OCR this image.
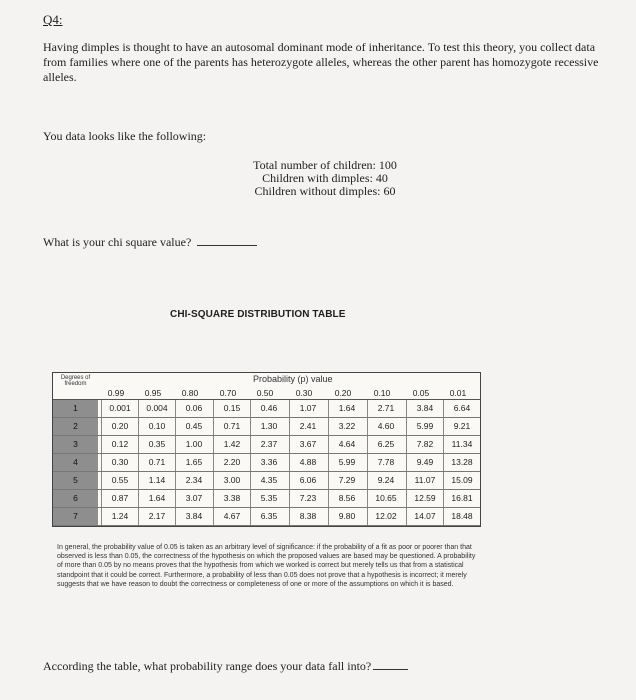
Q4:
Having dimples is thought to have an autosomal dominant mode of inheritance. To test this theory, you collect data from families where one of the parents has heterozygote alleles, whereas the other parent has homozygote recessive alleles.
You data looks like the following:
Total number of children: 100
Children with dimples: 40
Children without dimples: 60
What is your chi square value?
CHI-SQUARE DISTRIBUTION TABLE
Degrees of freedom	Probability (p) value
0.99	0.95	0.80	0.70	0.50	0.30	0.20	0.10	0.05	0.01
1	0.001	0.004	0.06	0.15	0.46	1.07	1.64	2.71	3.84	6.64
2	0.20	0.10	0.45	0.71	1.30	2.41	3.22	4.60	5.99	9.21
3	0.12	0.35	1.00	1.42	2.37	3.67	4.64	6.25	7.82	11.34
4	0.30	0.71	1.65	2.20	3.36	4.88	5.99	7.78	9.49	13.28
5	0.55	1.14	2.34	3.00	4.35	6.06	7.29	9.24	11.07	15.09
6	0.87	1.64	3.07	3.38	5.35	7.23	8.56	10.65	12.59	16.81
7	1.24	2.17	3.84	4.67	6.35	8.38	9.80	12.02	14.07	18.48
In general, the probability value of 0.05 is taken as an arbitrary level of significance: if the probability of a fit as poor or poorer than that observed is less than 0.05, the correctness of the hypothesis on which the proposed values are based may be questioned. A probability of more than 0.05 by no means proves that the hypothesis from which we worked is correct but merely tells us that from a statistical standpoint that it could be correct. Furthermore, a probability of less than 0.05 does not prove that a hypothesis is incorrect; it merely suggests that we have reason to doubt the correctness or completeness of one or more of the assumptions on which it is based.
According the table, what probability range does your data fall into?
